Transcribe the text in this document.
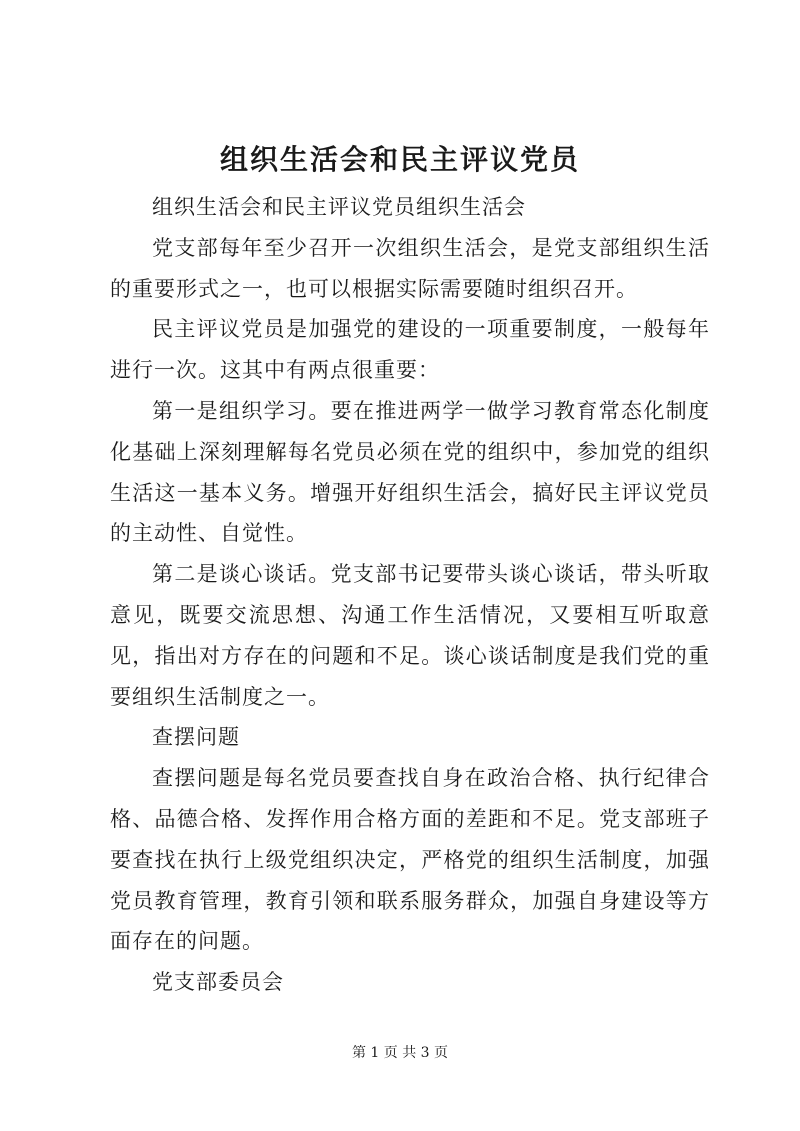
组织生活会和民主评议党员

组织生活会和民主评议党员组织生活会

党支部每年至少召开一次组织生活会，是党支部组织生活的重要形式之一，也可以根据实际需要随时组织召开。

民主评议党员是加强党的建设的一项重要制度，一般每年进行一次。这其中有两点很重要：

第一是组织学习。要在推进两学一做学习教育常态化制度化基础上深刻理解每名党员必须在党的组织中，参加党的组织生活这一基本义务。增强开好组织生活会，搞好民主评议党员的主动性、自觉性。

第二是谈心谈话。党支部书记要带头谈心谈话，带头听取意见，既要交流思想、沟通工作生活情况，又要相互听取意见，指出对方存在的问题和不足。谈心谈话制度是我们党的重要组织生活制度之一。

查摆问题

查摆问题是每名党员要查找自身在政治合格、执行纪律合格、品德合格、发挥作用合格方面的差距和不足。党支部班子要查找在执行上级党组织决定，严格党的组织生活制度，加强党员教育管理，教育引领和联系服务群众，加强自身建设等方面存在的问题。

党支部委员会

第 1 页 共 3 页
